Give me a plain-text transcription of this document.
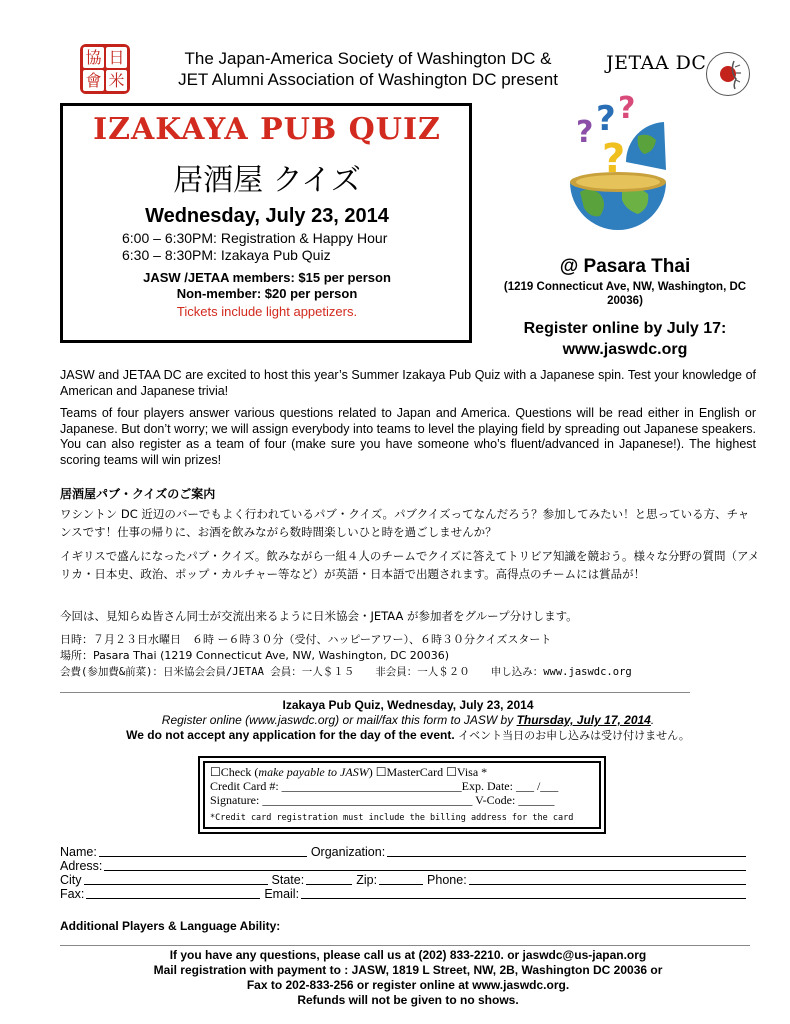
協 日
會 米
The Japan-America Society of Washington DC &
JET Alumni Association of Washington DC present
JETAA DC
IZAKAYA PUB QUIZ
居酒屋 クイズ
Wednesday, July 23, 2014
6:00 – 6:30PM: Registration & Happy Hour
6:30 – 8:30PM: Izakaya Pub Quiz
JASW /JETAA members: $15 per person
Non-member: $20 per person
Tickets include light appetizers.
? ? ?
?
@ Pasara Thai
(1219 Connecticut Ave, NW, Washington, DC 20036)
Register online by July 17:
www.jaswdc.org
JASW and JETAA DC are excited to host this year’s Summer Izakaya Pub Quiz with a Japanese spin. Test your knowledge of American and Japanese trivia!
Teams of four players answer various questions related to Japan and America. Questions will be read either in English or Japanese. But don’t worry; we will assign everybody into teams to level the playing field by spreading out Japanese speakers. You can also register as a team of four (make sure you have someone who’s fluent/advanced in Japanese!). The highest scoring teams will win prizes!
居酒屋パブ・クイズのご案内
ワシントン DC 近辺のバーでもよく行われているパブ・クイズ。パブクイズってなんだろう？参加してみたい！と思っている方、チャンスです！仕事の帰りに、お酒を飲みながら数時間楽しいひと時を過ごしませんか？
イギリスで盛んになったパブ・クイズ。飲みながら一組４人のチームでクイズに答えてトリビア知識を競おう。様々な分野の質問（アメリカ・日本史、政治、ポップ・カルチャー等など）が英語・日本語で出題されます。高得点のチームには賞品が！
今回は、見知らぬ皆さん同士が交流出来るように日米協会・JETAA が参加者をグループ分けします。
日時：７月２３日水曜日　６時 ー６時３０分（受付、ハッピーアワー）、６時３０分クイズスタート
場所：Pasara Thai (1219 Connecticut Ave, NW, Washington, DC 20036)
会費(参加費&前菜)：日米協会会員/JETAA 会員：一人＄１５　　非会員：一人＄２０　　申し込み：www.jaswdc.org
Izakaya Pub Quiz, Wednesday, July 23, 2014
Register online (www.jaswdc.org) or mail/fax this form to JASW by Thursday, July 17, 2014.
We do not accept any application for the day of the event. イベント当日のお申し込みは受け付けません。
☐Check (make payable to JASW) ☐MasterCard ☐Visa *
Credit Card #: ______________________________Exp. Date: ___ /___
Signature: ___________________________________ V-Code: ______
*Credit card registration must include the billing address for the card
Name:	Organization:
Adress:
City	State:	Zip:	Phone:
Fax:	Email:
Additional Players & Language Ability:
If you have any questions, please call us at (202) 833-2210. or jaswdc@us-japan.org
Mail registration with payment to : JASW, 1819 L Street, NW, 2B, Washington DC 20036 or
Fax to 202-833-256 or register online at www.jaswdc.org.
Refunds will not be given to no shows.
